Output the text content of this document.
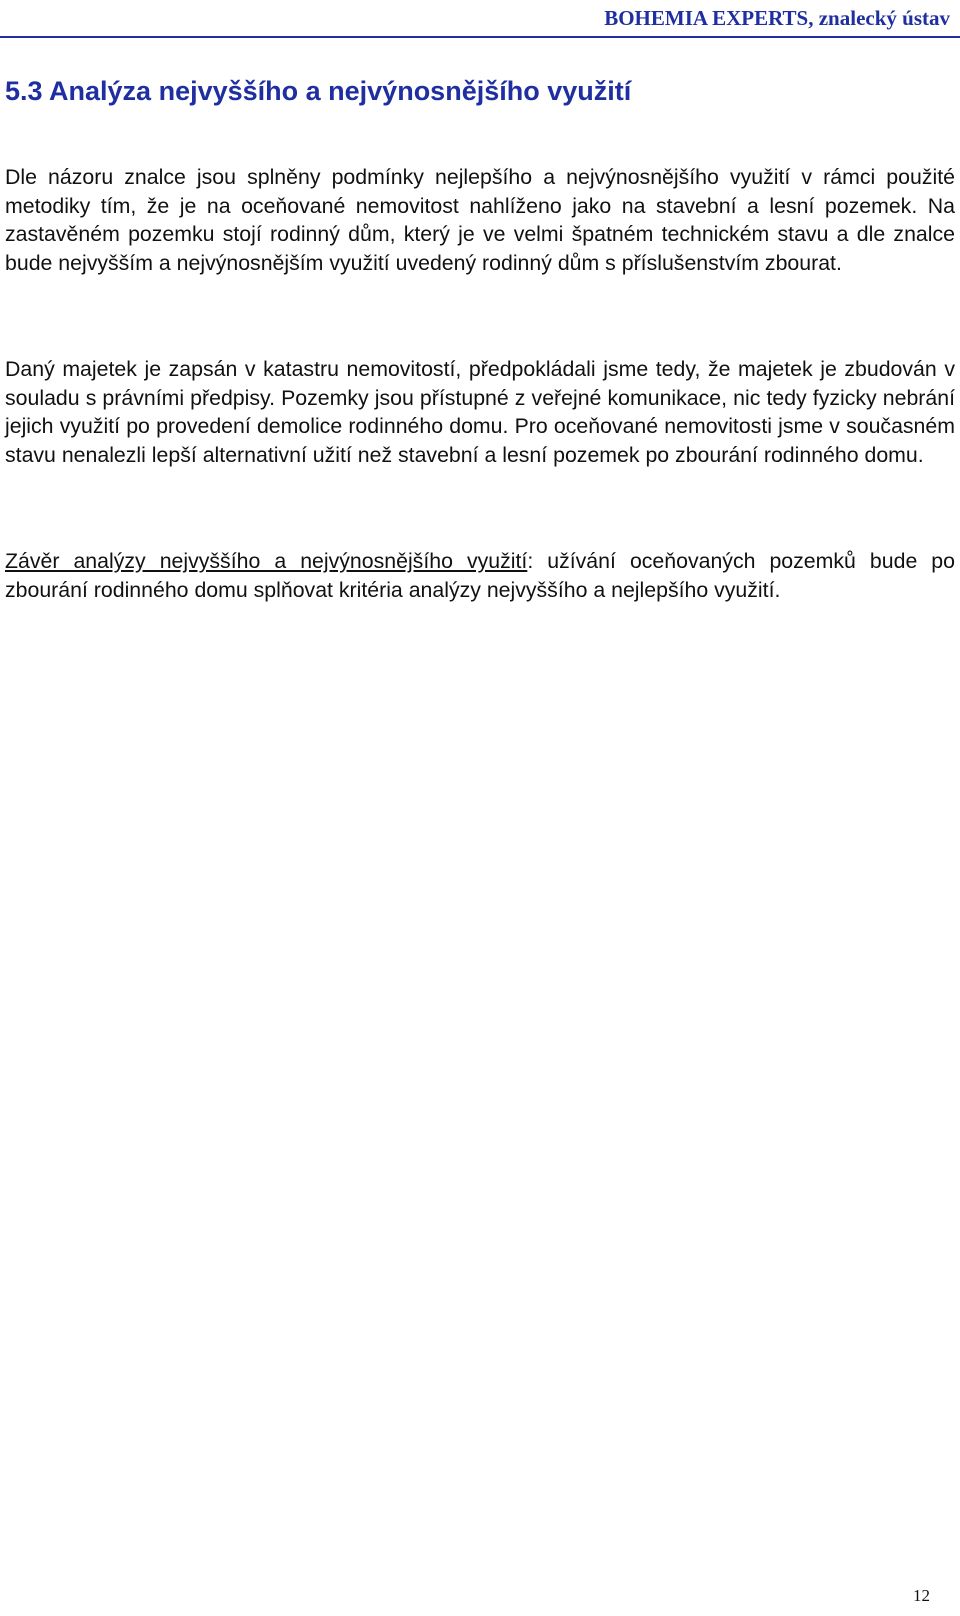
BOHEMIA EXPERTS, znalecký ústav

5.3 Analýza nejvyššího a nejvýnosnějšího využití

Dle názoru znalce jsou splněny podmínky nejlepšího a nejvýnosnějšího využití v rámci použité metodiky tím, že je na oceňované nemovitost nahlíženo jako na stavební a lesní pozemek. Na zastavěném pozemku stojí rodinný dům, který je ve velmi špatném technickém stavu a dle znalce bude nejvyšším a nejvýnosnějším využití uvedený rodinný dům s příslušenstvím zbourat.

Daný majetek je zapsán v katastru nemovitostí, předpokládali jsme tedy, že majetek je zbudován v souladu s právními předpisy. Pozemky jsou přístupné z veřejné komunikace, nic tedy fyzicky nebrání jejich využití po provedení demolice rodinného domu. Pro oceňované nemovitosti jsme v současném stavu nenalezli lepší alternativní užití než stavební a lesní pozemek po zbourání rodinného domu.

Závěr analýzy nejvyššího a nejvýnosnějšího využití: užívání oceňovaných pozemků bude po zbourání rodinného domu splňovat kritéria analýzy nejvyššího a nejlepšího využití.

12
